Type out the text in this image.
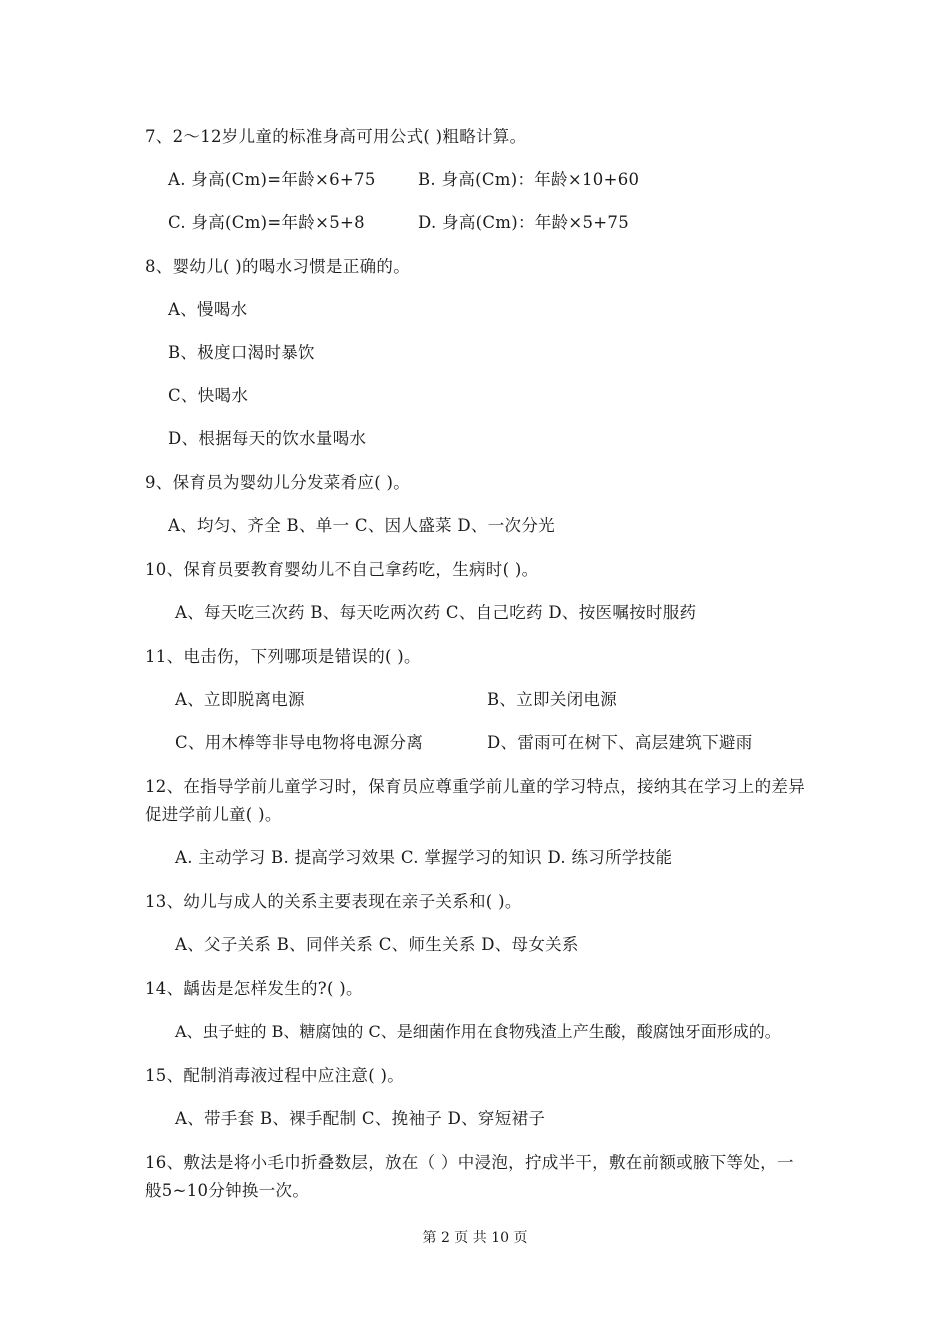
7、2～12岁儿童的标准身高可用公式( )粗略计算。
A. 身高(Cm)=年龄×6+75	B. 身高(Cm)：年龄×10+60
C. 身高(Cm)=年龄×5+8	D. 身高(Cm)：年龄×5+75
8、婴幼儿( )的喝水习惯是正确的。
A、慢喝水
B、极度口渴时暴饮
C、快喝水
D、根据每天的饮水量喝水
9、保育员为婴幼儿分发菜肴应( )。
A、均匀、齐全 B、单一 C、因人盛菜 D、一次分光
10、保育员要教育婴幼儿不自己拿药吃，生病时( )。
A、每天吃三次药 B、每天吃两次药 C、自己吃药 D、按医嘱按时服药
11、电击伤，下列哪项是错误的( )。
A、立即脱离电源	B、立即关闭电源
C、用木棒等非导电物将电源分离	D、雷雨可在树下、高层建筑下避雨
12、在指导学前儿童学习时，保育员应尊重学前儿童的学习特点，接纳其在学习上的差异
促进学前儿童( )。
A. 主动学习 B. 提高学习效果 C. 掌握学习的知识 D. 练习所学技能
13、幼儿与成人的关系主要表现在亲子关系和( )。
A、父子关系 B、同伴关系 C、师生关系 D、母女关系
14、龋齿是怎样发生的?( )。
A、虫子蛀的 B、糖腐蚀的 C、是细菌作用在食物残渣上产生酸，酸腐蚀牙面形成的。
15、配制消毒液过程中应注意( )。
A、带手套 B、裸手配制 C、挽袖子 D、穿短裙子
16、敷法是将小毛巾折叠数层，放在（ ）中浸泡，拧成半干，敷在前额或腋下等处，一
般5~10分钟换一次。
第 2 页 共 10 页
